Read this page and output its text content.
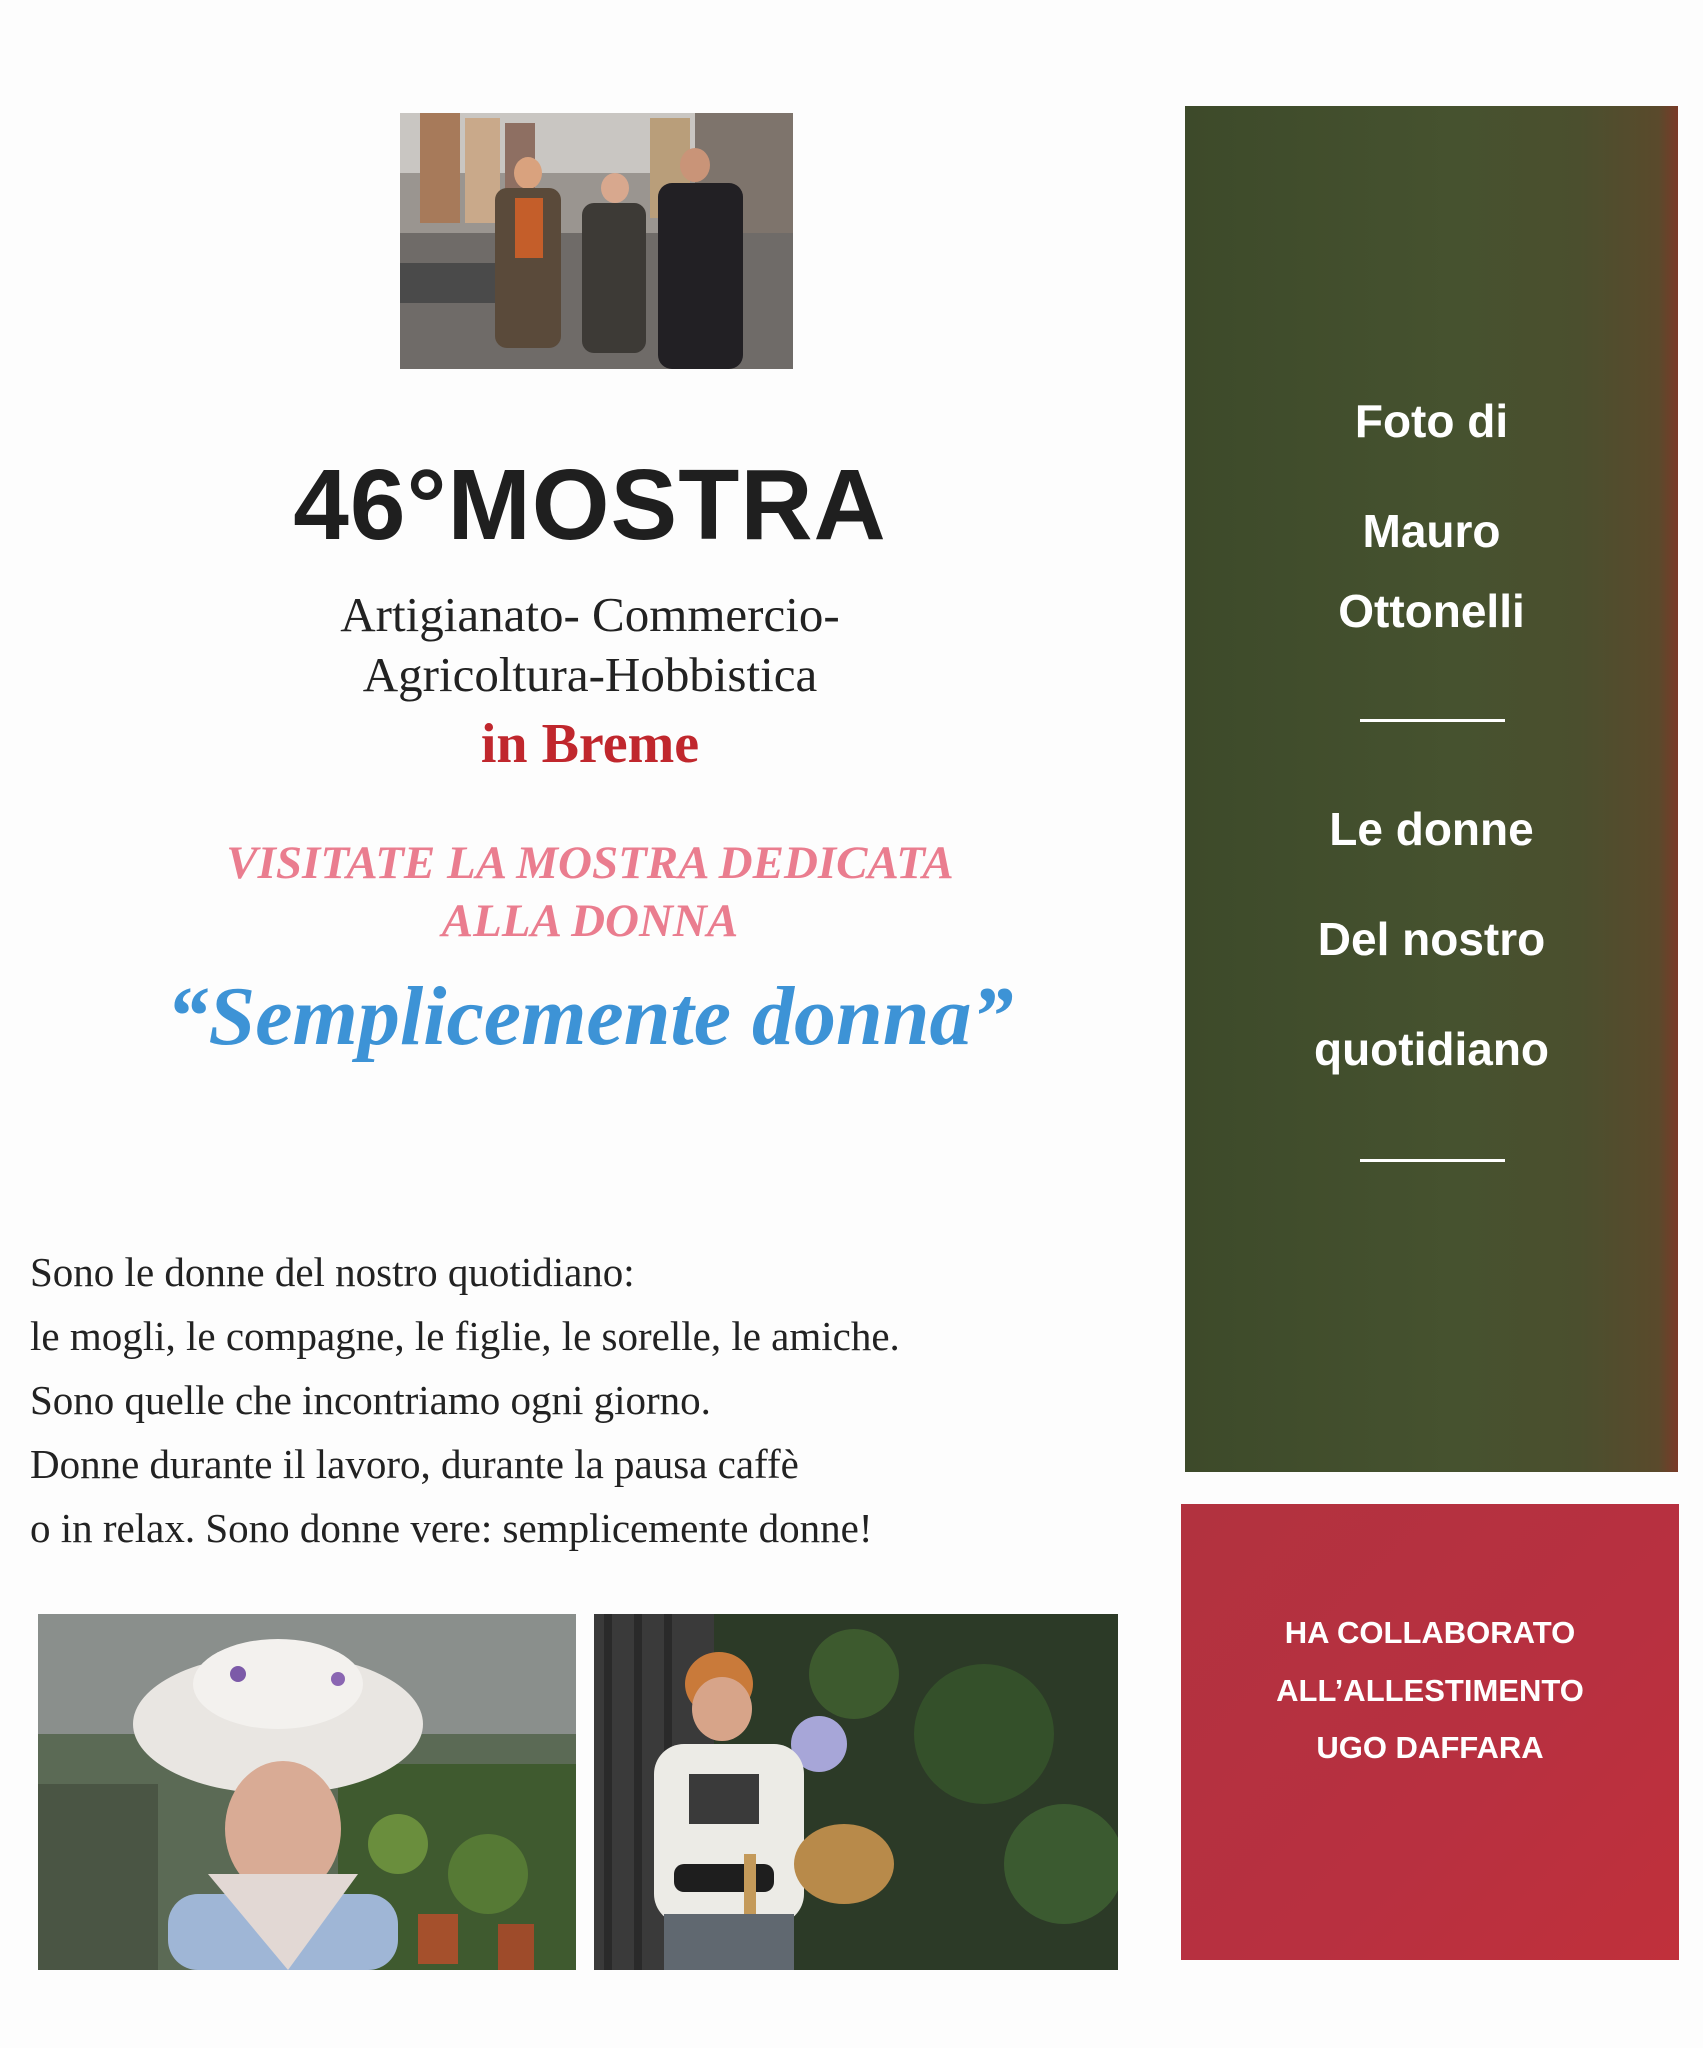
46°MOSTRA
Artigianato- Commercio-
Agricoltura-Hobbistica
in Breme
VISITATE LA MOSTRA DEDICATA
ALLA DONNA
“Semplicemente donna”
Sono le donne del nostro quotidiano:
le mogli, le compagne, le figlie, le sorelle, le amiche.
Sono quelle che incontriamo ogni giorno.
Donne durante il lavoro, durante la pausa caffè
o in relax. Sono donne vere: semplicemente donne!
Foto di
Mauro
Ottonelli
Le donne
Del nostro
quotidiano
HA COLLABORATO
ALL’ALLESTIMENTO
UGO DAFFARA
